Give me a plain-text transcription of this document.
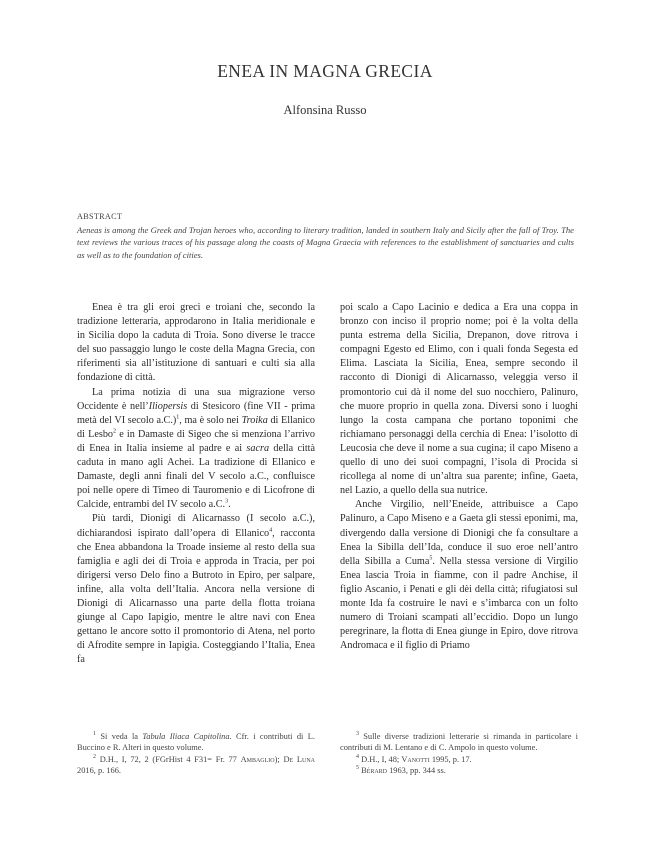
ENEA IN MAGNA GRECIA
Alfonsina Russo
ABSTRACT
Aeneas is among the Greek and Trojan heroes who, according to literary tradition, landed in southern Italy and Sicily after the fall of Troy. The text reviews the various traces of his passage along the coasts of Magna Graecia with references to the establishment of sanctuaries and cults as well as to the foundation of cities.

Enea è tra gli eroi greci e troiani che, secondo la tradizione letteraria, approdarono in Italia meridionale e in Sicilia dopo la caduta di Troia. Sono diverse le tracce del suo passaggio lungo le coste della Magna Grecia, con riferimenti sia all’istituzione di santuari e culti sia alla fondazione di città.

La prima notizia di una sua migrazione verso Occidente è nell’Iliopersis di Stesicoro (fine VII - prima metà del VI secolo a.C.)$^1$, ma è solo nei Troika di Ellanico di Lesbo$^2$ e in Damaste di Sigeo che si menziona l’arrivo di Enea in Italia insieme al padre e ai sacra della città caduta in mano agli Achei. La tradizione di Ellanico e Damaste, degli anni finali del V secolo a.C., confluisce poi nelle opere di Timeo di Tauromenio e di Licofrone di Calcide, entrambi del IV secolo a.C.$^3$.

Più tardi, Dionigi di Alicarnasso (I secolo a.C.), dichiarandosi ispirato dall’opera di Ellanico$^4$, racconta che Enea abbandona la Troade insieme al resto della sua famiglia e agli dei di Troia e approda in Tracia, per poi dirigersi verso Delo fino a Butroto in Epiro, per salpare, infine, alla volta dell’Italia. Ancora nella versione di Dionigi di Alicarnasso una parte della flotta troiana giunge al Capo Iapigio, mentre le altre navi con Enea gettano le ancore sotto il promontorio di Atena, nel porto di Afrodite sempre in Iapigia. Costeggiando l’Italia, Enea fa

poi scalo a Capo Lacinio e dedica a Era una coppa in bronzo con inciso il proprio nome; poi è la volta della punta estrema della Sicilia, Drepanon, dove ritrova i compagni Egesto ed Elimo, con i quali fonda Segesta ed Elima. Lasciata la Sicilia, Enea, sempre secondo il racconto di Dionigi di Alicarnasso, veleggia verso il promontorio cui dà il nome del suo nocchiero, Palinuro, che muore proprio in quella zona. Diversi sono i luoghi lungo la costa campana che portano toponimi che richiamano personaggi della cerchia di Enea: l’isolotto di Leucosia che deve il nome a sua cugina; il capo Miseno a quello di uno dei suoi compagni, l’isola di Procida si ricollega al nome di un’altra sua parente; infine, Gaeta, nel Lazio, a quello della sua nutrice.

Anche Virgilio, nell’Eneide, attribuisce a Capo Palinuro, a Capo Miseno e a Gaeta gli stessi eponimi, ma, divergendo dalla versione di Dionigi che fa consultare a Enea la Sibilla dell’Ida, conduce il suo eroe nell’antro della Sibilla a Cuma$^5$. Nella stessa versione di Virgilio Enea lascia Troia in fiamme, con il padre Anchise, il figlio Ascanio, i Penati e gli dèi della città; rifugiatosi sul monte Ida fa costruire le navi e s’imbarca con un folto numero di Troiani scampati all’eccidio. Dopo un lungo peregrinare, la flotta di Enea giunge in Epiro, dove ritrova Andromaca e il figlio di Priamo

$^1$ Si veda la Tabula Iliaca Capitolina. Cfr. i contributi di L. Buccino e R. Alteri in questo volume.

$^2$ D.H., I, 72, 2 (FGrHist 4 F31= Fr. 77 Ambaglio); De Luna 2016, p. 166.

$^3$ Sulle diverse tradizioni letterarie si rimanda in particolare i contributi di M. Lentano e di C. Ampolo in questo volume.

$^4$ D.H., I, 48; Vanotti 1995, p. 17.

$^5$ Bérard 1963, pp. 344 ss.
